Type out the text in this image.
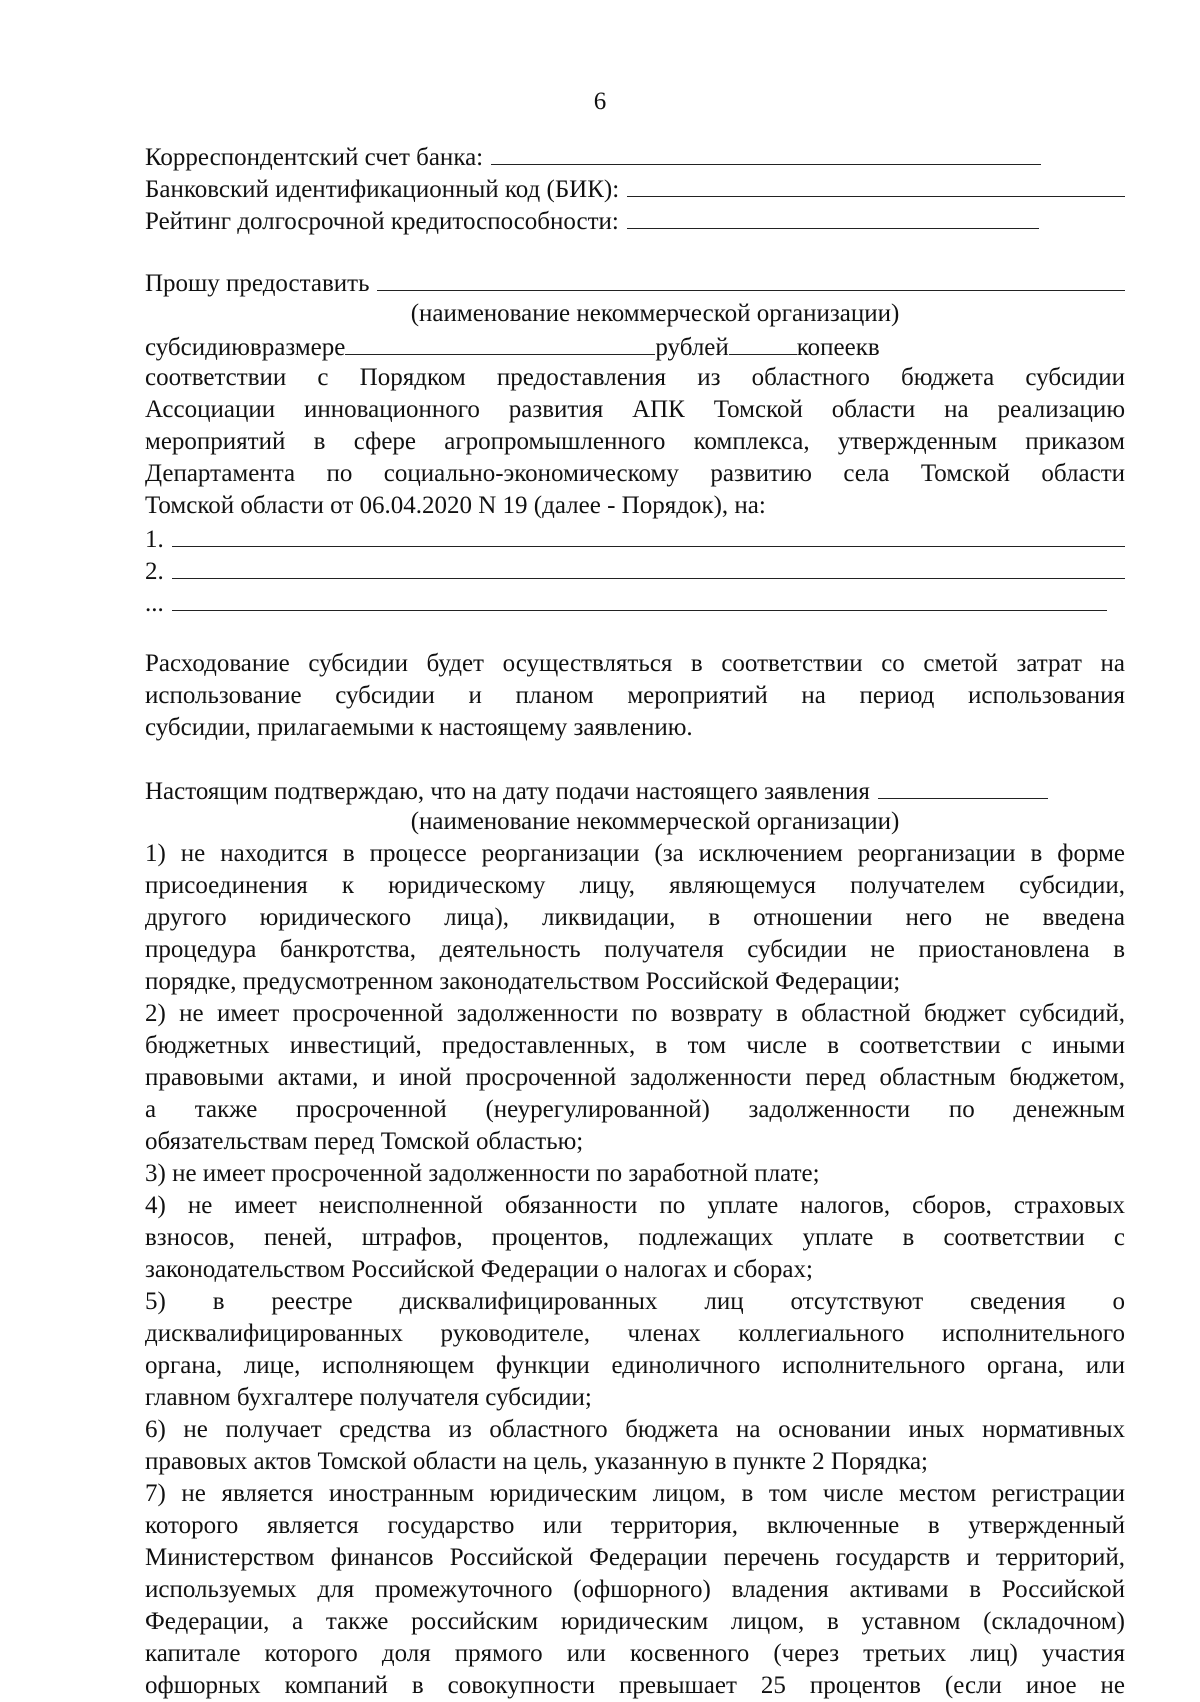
6
Корреспондентский счет банка:
Банковский идентификационный код (БИК):
Рейтинг долгосрочной кредитоспособности:
Прошу предоставить
(наименование некоммерческой организации)
субсидию в размере	рублей	копеек в
соответствии с Порядком предоставления из областного бюджета субсидии
Ассоциации инновационного развития АПК Томской области на реализацию
мероприятий в сфере агропромышленного комплекса, утвержденным приказом
Департамента по социально-экономическому развитию села Томской области
Томской области от 06.04.2020 N 19 (далее - Порядок), на:
1.
2.
...
Расходование субсидии будет осуществляться в соответствии со сметой затрат на
использование субсидии и планом мероприятий на период использования
субсидии, прилагаемыми к настоящему заявлению.
Настоящим подтверждаю, что на дату подачи настоящего заявления
(наименование некоммерческой организации)
1) не находится в процессе реорганизации (за исключением реорганизации в форме
присоединения к юридическому лицу, являющемуся получателем субсидии,
другого юридического лица), ликвидации, в отношении него не введена
процедура банкротства, деятельность получателя субсидии не приостановлена в
порядке, предусмотренном законодательством Российской Федерации;
2) не имеет просроченной задолженности по возврату в областной бюджет субсидий,
бюджетных инвестиций, предоставленных, в том числе в соответствии с иными
правовыми актами, и иной просроченной задолженности перед областным бюджетом,
а также просроченной (неурегулированной) задолженности по денежным
обязательствам перед Томской областью;
3) не имеет просроченной задолженности по заработной плате;
4) не имеет неисполненной обязанности по уплате налогов, сборов, страховых
взносов, пеней, штрафов, процентов, подлежащих уплате в соответствии с
законодательством Российской Федерации о налогах и сборах;
5) в реестре дисквалифицированных лиц отсутствуют сведения о
дисквалифицированных руководителе, членах коллегиального исполнительного
органа, лице, исполняющем функции единоличного исполнительного органа, или
главном бухгалтере получателя субсидии;
6) не получает средства из областного бюджета на основании иных нормативных
правовых актов Томской области на цель, указанную в пункте 2 Порядка;
7) не является иностранным юридическим лицом, в том числе местом регистрации
которого является государство или территория, включенные в утвержденный
Министерством финансов Российской Федерации перечень государств и территорий,
используемых для промежуточного (офшорного) владения активами в Российской
Федерации, а также российским юридическим лицом, в уставном (складочном)
капитале которого доля прямого или косвенного (через третьих лиц) участия
офшорных компаний в совокупности превышает 25 процентов (если иное не
